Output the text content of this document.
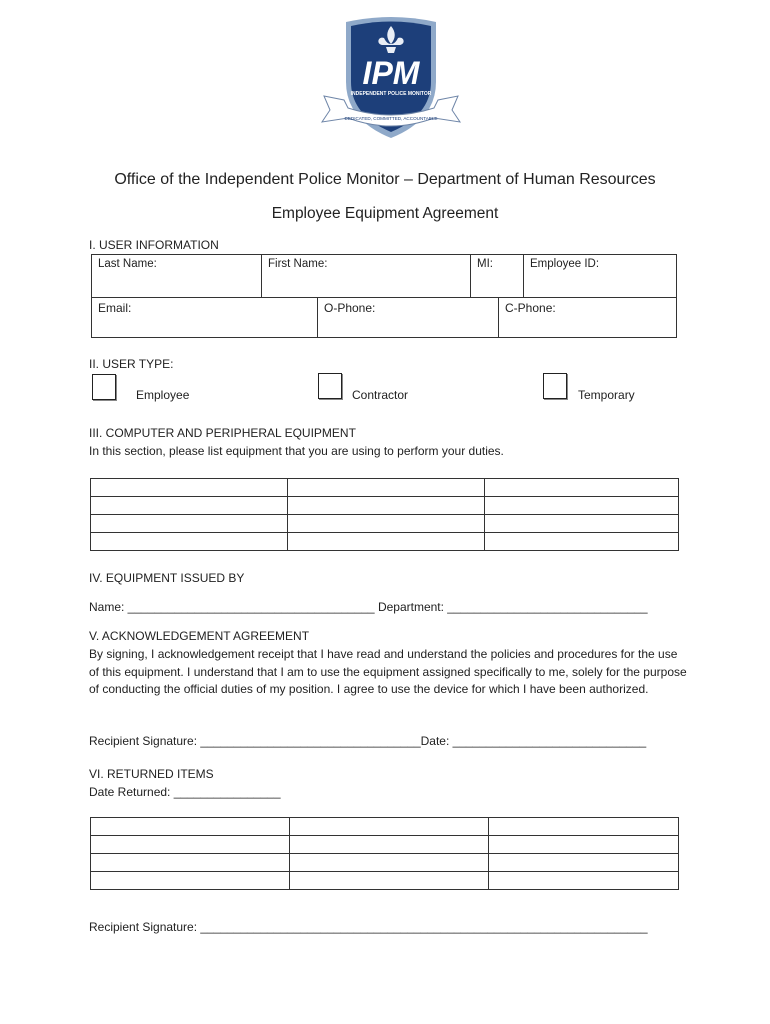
IPM
INDEPENDENT POLICE MONITOR
DEDICATED, COMMITTED, ACCOUNTABLE
Office of the Independent Police Monitor – Department of Human Resources
Employee Equipment Agreement
I. USER INFORMATION
Last Name:	First Name:	MI:	Employee ID:
Email:	O-Phone:	C-Phone:
II. USER TYPE:
Employee	Contractor	Temporary
III. COMPUTER AND PERIPHERAL EQUIPMENT
In this section, please list equipment that you are using to perform your duties.

IV. EQUIPMENT ISSUED BY
Name: _____________________________________ Department: ______________________________
V. ACKNOWLEDGEMENT AGREEMENT
By signing, I acknowledgement receipt that I have read and understand the policies and procedures for the use of this equipment. I understand that I am to use the equipment assigned specifically to me, solely for the purpose of conducting the official duties of my position. I agree to use the device for which I have been authorized.
Recipient Signature: _________________________________Date: _____________________________
VI. RETURNED ITEMS
Date Returned: ________________

Recipient Signature: ___________________________________________________________________
